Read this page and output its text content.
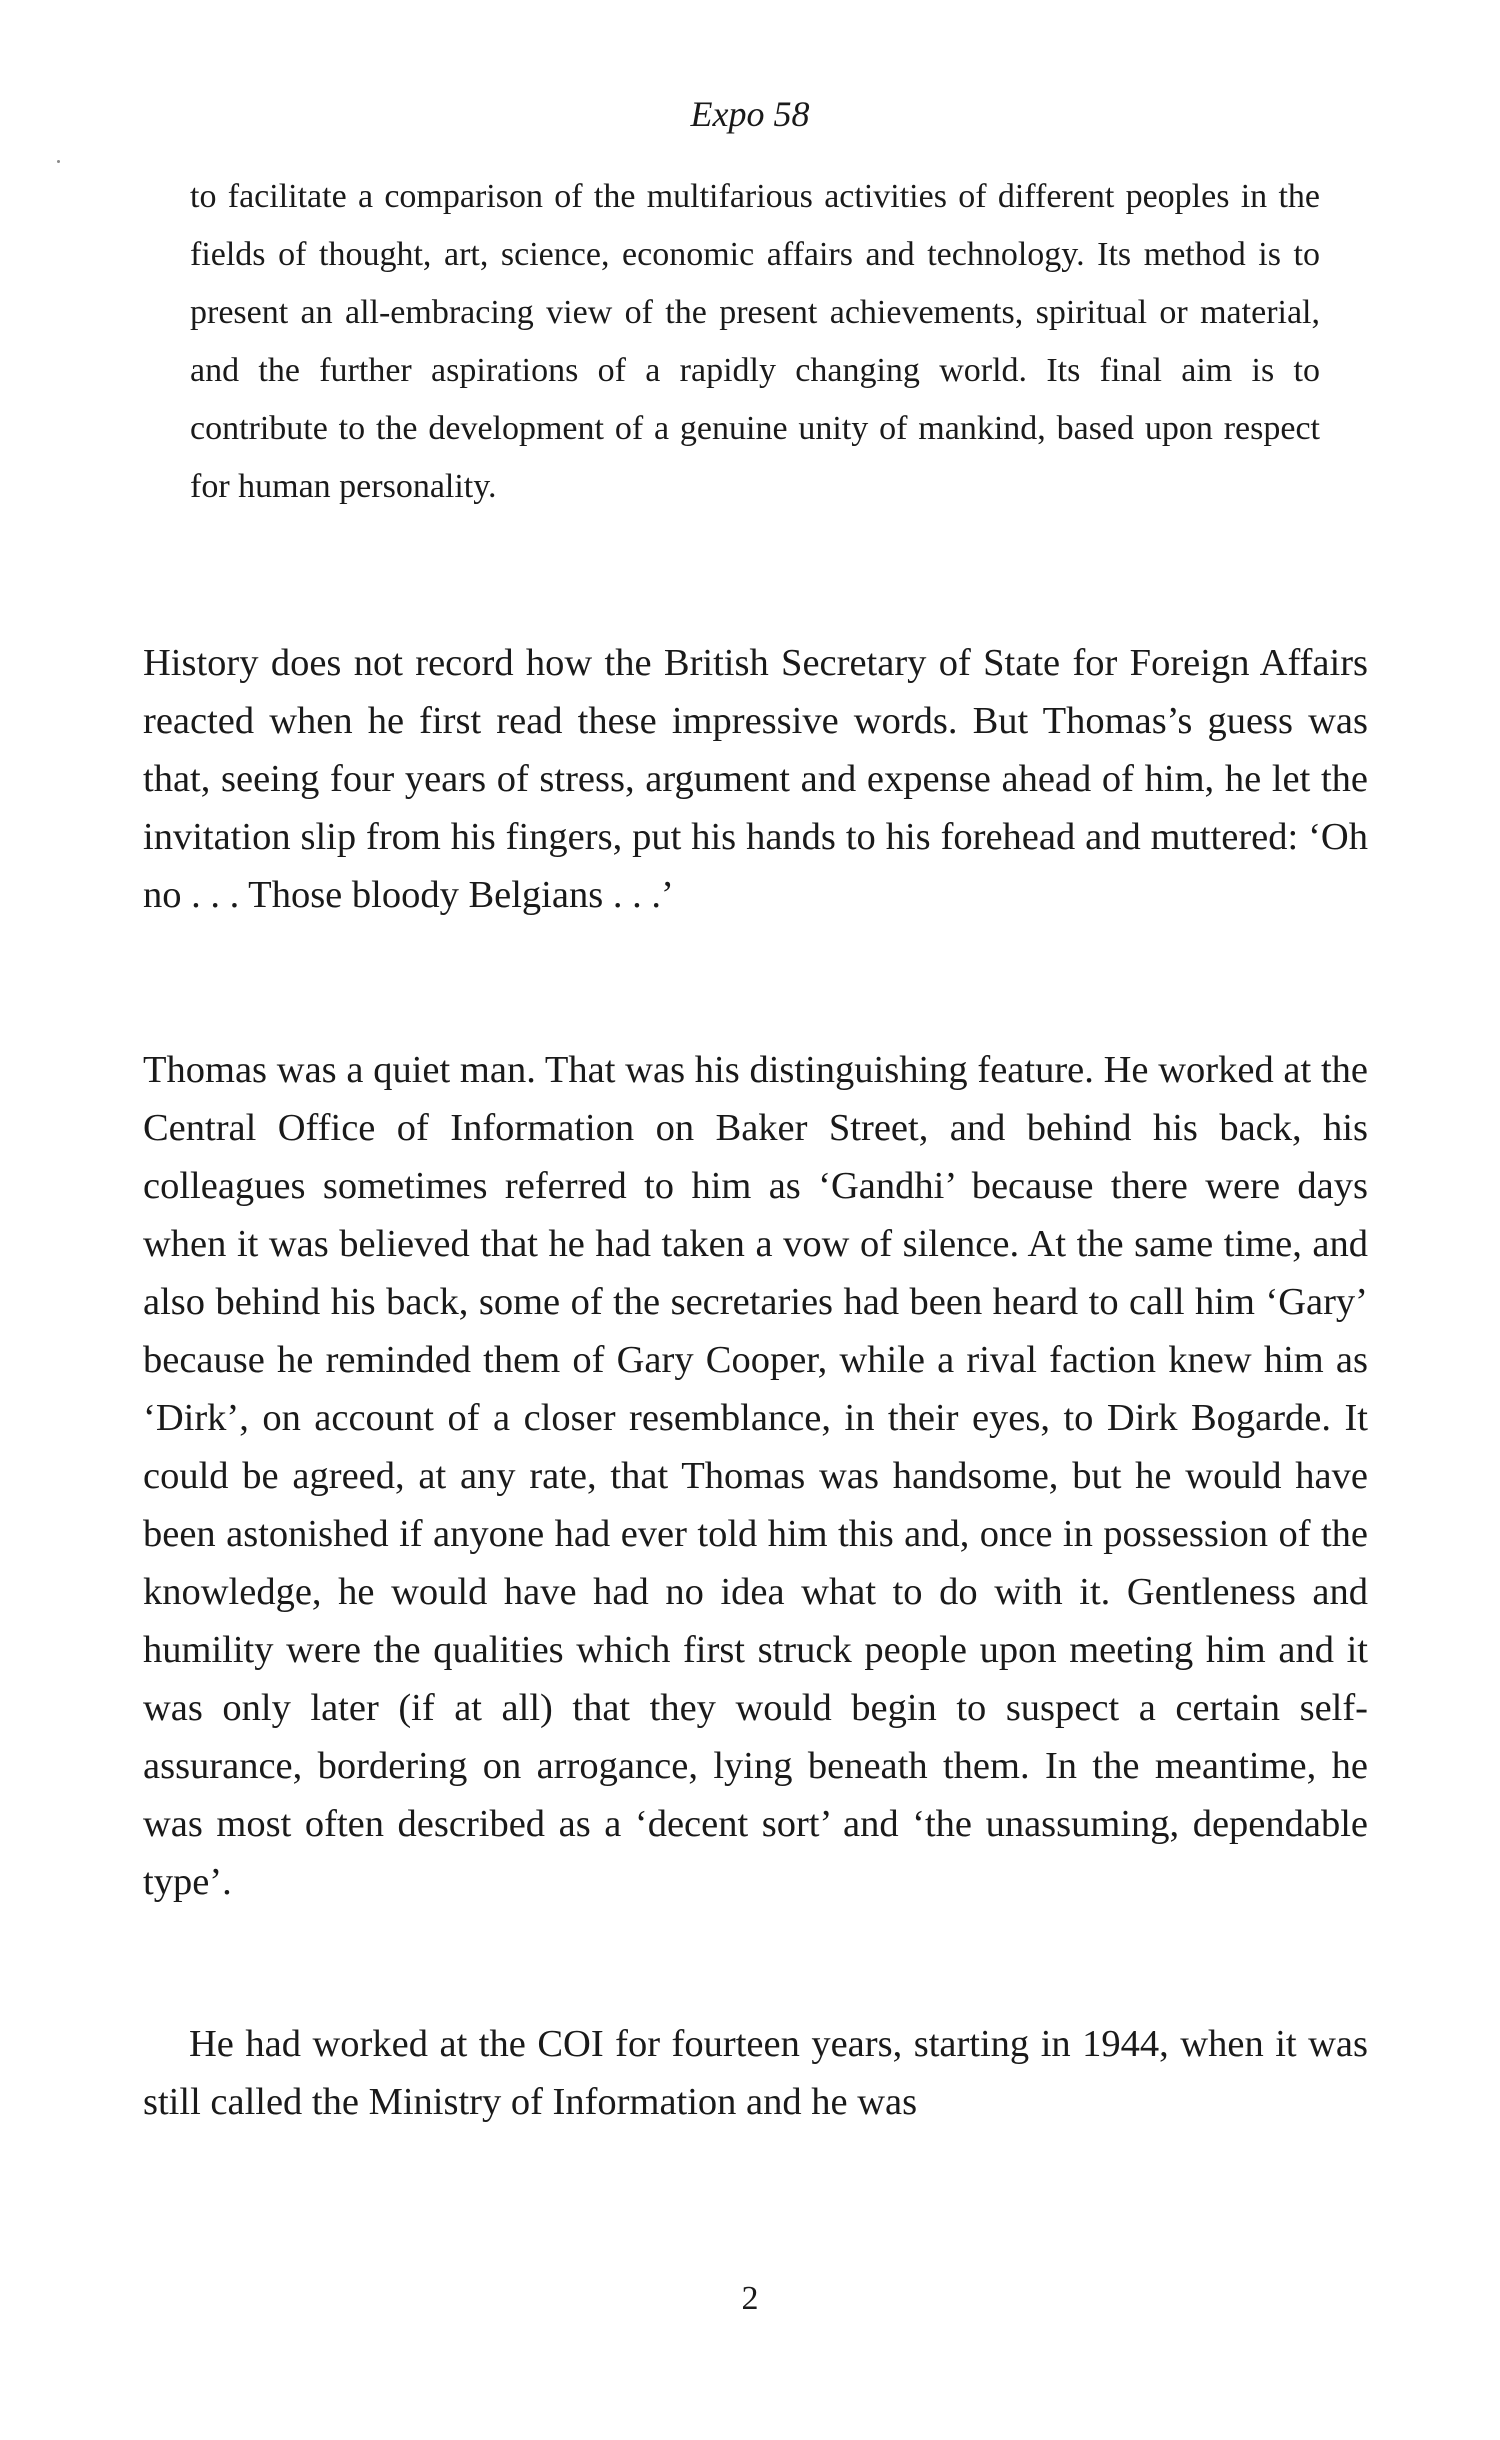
Expo 58

to facilitate a comparison of the multifarious activities of different peoples in the fields of thought, art, science, economic affairs and technology. Its method is to present an all-embracing view of the present achievements, spiritual or material, and the further aspirations of a rapidly changing world. Its final aim is to contribute to the development of a genuine unity of mankind, based upon respect for human personality.

History does not record how the British Secretary of State for Foreign Affairs reacted when he first read these impressive words. But Thomas’s guess was that, seeing four years of stress, argument and expense ahead of him, he let the invitation slip from his fingers, put his hands to his forehead and muttered: ‘Oh no . . . Those bloody Belgians . . .’

Thomas was a quiet man. That was his distinguishing feature. He worked at the Central Office of Information on Baker Street, and behind his back, his colleagues sometimes referred to him as ‘Gandhi’ because there were days when it was believed that he had taken a vow of silence. At the same time, and also behind his back, some of the secretaries had been heard to call him ‘Gary’ because he reminded them of Gary Cooper, while a rival faction knew him as ‘Dirk’, on account of a closer resemblance, in their eyes, to Dirk Bogarde. It could be agreed, at any rate, that Thomas was handsome, but he would have been astonished if anyone had ever told him this and, once in possession of the knowledge, he would have had no idea what to do with it. Gentleness and humility were the qualities which first struck people upon meeting him and it was only later (if at all) that they would begin to suspect a certain self-assurance, bordering on arrogance, lying beneath them. In the meantime, he was most often described as a ‘decent sort’ and ‘the unassuming, dependable type’.

He had worked at the COI for fourteen years, starting in 1944, when it was still called the Ministry of Information and he was

2
